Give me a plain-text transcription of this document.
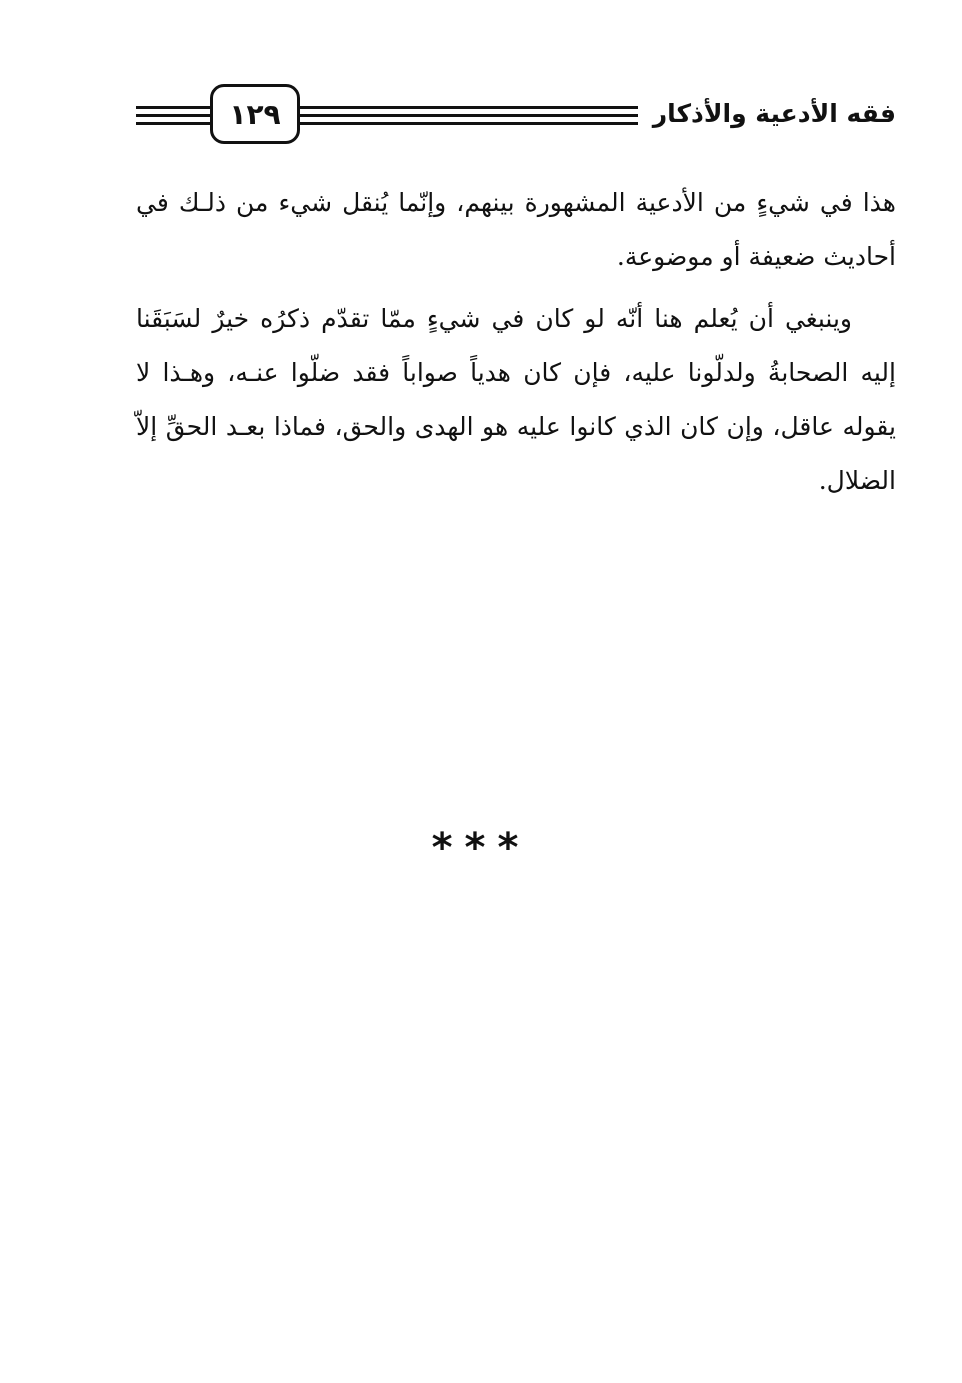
فقه الأدعية والأذكار
١٢٩

هذا في شيءٍ من الأدعية المشهورة بينهم، وإنّما يُنقل شيء من ذلـك في أحاديث ضعيفة أو موضوعة.

وينبغي أن يُعلم هنا أنّه لو كان في شيءٍ ممّا تقدّم ذكرُه خيرٌ لسَبَقَنا إليه الصحابةُ ولدلّونا عليه، فإن كان هدياً صواباً فقد ضلّوا عنـه، وهـذا لا يقوله عاقل، وإن كان الذي كانوا عليه هو الهدى والحق، فماذا بعـد الحقِّ إلاّ الضلال.

***
